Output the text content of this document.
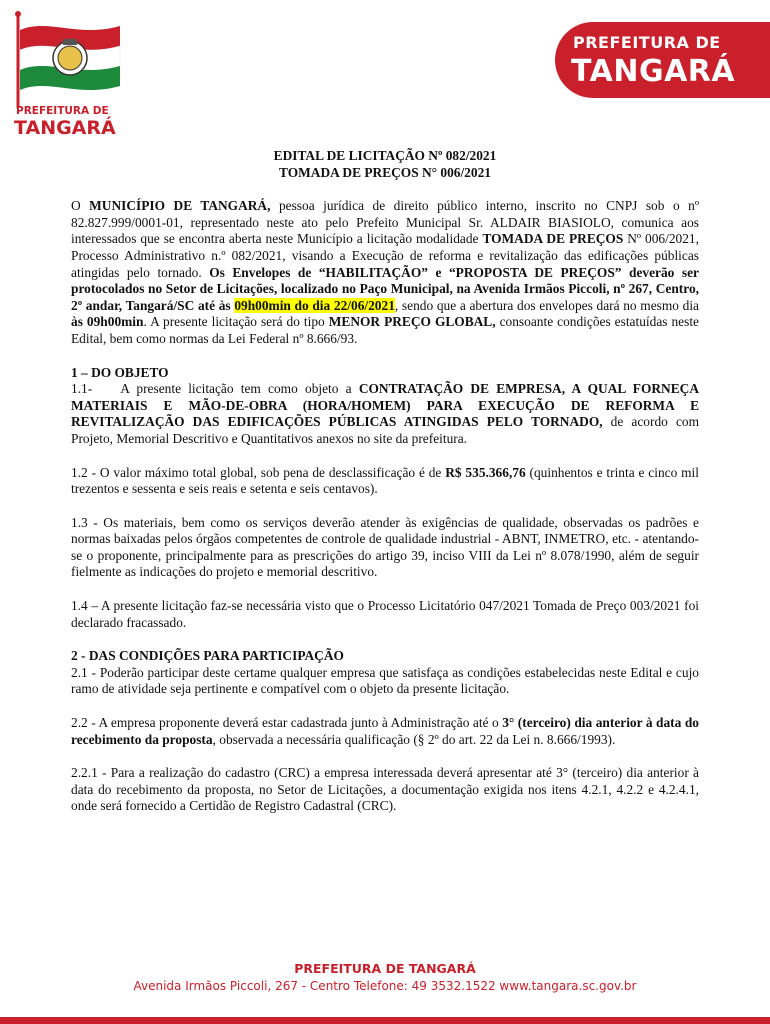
PREFEITURA DE
TANGARÁ
PREFEITURA DE
TANGARÁ
EDITAL DE LICITAÇÃO Nº 082/2021
TOMADA DE PREÇOS N° 006/2021

O MUNICÍPIO DE TANGARÁ, pessoa jurídica de direito público interno, inscrito no CNPJ sob o nº 82.827.999/0001-01, representado neste ato pelo Prefeito Municipal Sr. ALDAIR BIASIOLO, comunica aos interessados que se encontra aberta neste Município a licitação modalidade TOMADA DE PREÇOS Nº 006/2021, Processo Administrativo n.º 082/2021, visando a Execução de reforma e revitalização das edificações públicas atingidas pelo tornado. Os Envelopes de “HABILITAÇÃO” e “PROPOSTA DE PREÇOS” deverão ser protocolados no Setor de Licitações, localizado no Paço Municipal, na Avenida Irmãos Piccoli, nº 267, Centro, 2º andar, Tangará/SC até às 09h00min do dia 22/06/2021, sendo que a abertura dos envelopes dará no mesmo dia às 09h00min. A presente licitação será do tipo MENOR PREÇO GLOBAL, consoante condições estatuídas neste Edital, bem como normas da Lei Federal nº 8.666/93.

1 – DO OBJETO

1.1-    A presente licitação tem como objeto a CONTRATAÇÃO DE EMPRESA, A QUAL FORNEÇA MATERIAIS E MÃO-DE-OBRA (HORA/HOMEM) PARA EXECUÇÃO DE REFORMA E REVITALIZAÇÃO DAS EDIFICAÇÕES PÚBLICAS ATINGIDAS PELO TORNADO, de acordo com Projeto, Memorial Descritivo e Quantitativos anexos no site da prefeitura.

1.2 - O valor máximo total global, sob pena de desclassificação é de R$ 535.366,76 (quinhentos e trinta e cinco mil trezentos e sessenta e seis reais e setenta e seis centavos).

1.3 - Os materiais, bem como os serviços deverão atender às exigências de qualidade, observadas os padrões e normas baixadas pelos órgãos competentes de controle de qualidade industrial - ABNT, INMETRO, etc. - atentando-se o proponente, principalmente para as prescrições do artigo 39, inciso VIII da Lei nº 8.078/1990, além de seguir fielmente as indicações do projeto e memorial descritivo.

1.4 – A presente licitação faz-se necessária visto que o Processo Licitatório 047/2021 Tomada de Preço 003/2021 foi declarado fracassado.

2 - DAS CONDIÇÕES PARA PARTICIPAÇÃO

2.1 - Poderão participar deste certame qualquer empresa que satisfaça as condições estabelecidas neste Edital e cujo ramo de atividade seja pertinente e compatível com o objeto da presente licitação.

2.2 - A empresa proponente deverá estar cadastrada junto à Administração até o 3° (terceiro) dia anterior à data do recebimento da proposta, observada a necessária qualificação (§ 2º do art. 22 da Lei n. 8.666/1993).

2.2.1 - Para a realização do cadastro (CRC) a empresa interessada deverá apresentar até 3° (terceiro) dia anterior à data do recebimento da proposta, no Setor de Licitações, a documentação exigida nos itens 4.2.1, 4.2.2 e 4.2.4.1, onde será fornecido a Certidão de Registro Cadastral (CRC).

PREFEITURA DE TANGARÁ
Avenida Irmãos Piccoli, 267 - Centro Telefone: 49 3532.1522 www.tangara.sc.gov.br
